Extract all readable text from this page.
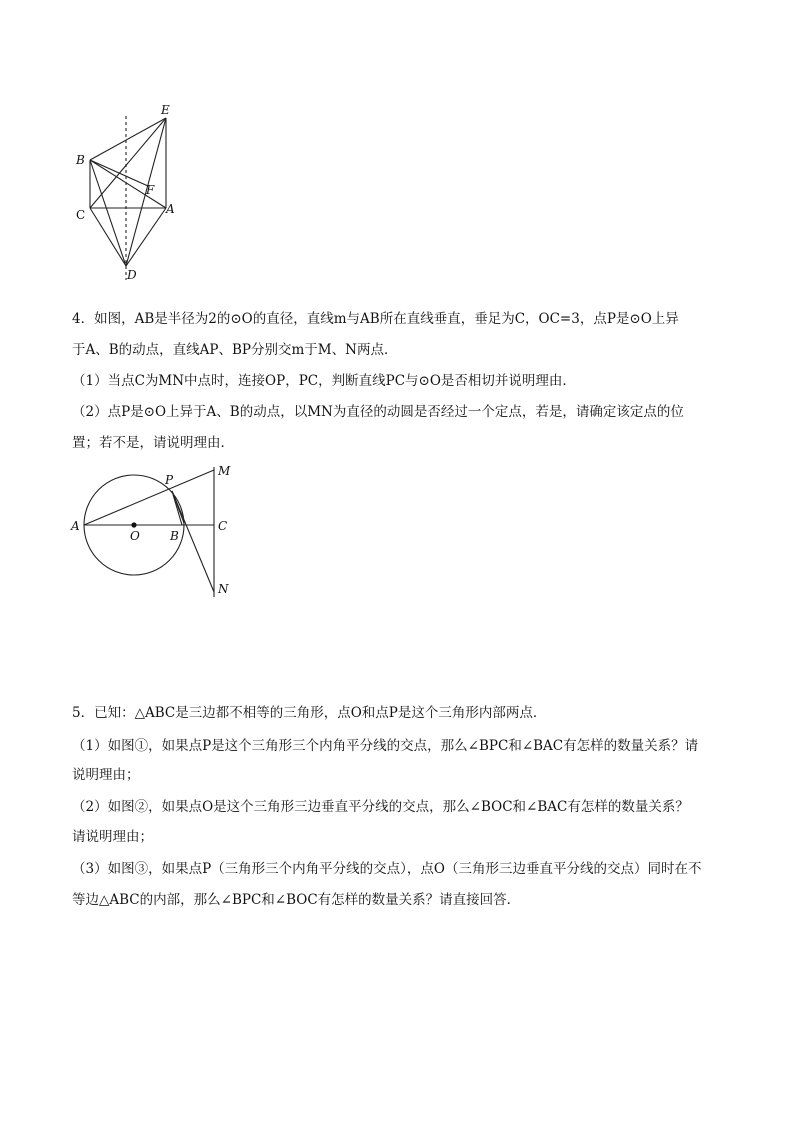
E
B
F
C	A
D
4．如图，AB是半径为2的⊙O的直径，直线m与AB所在直线垂直，垂足为C，OC=3，点P是⊙O上异
于A、B的动点，直线AP、BP分别交m于M、N两点．
（1）当点C为MN中点时，连接OP，PC，判断直线PC与⊙O是否相切并说明理由．
（2）点P是⊙O上异于A、B的动点，以MN为直径的动圆是否经过一个定点，若是，请确定该定点的位
置；若不是，请说明理由．
P
M
A
O	B
C
N
5．已知：△ABC是三边都不相等的三角形，点O和点P是这个三角形内部两点．
（1）如图①，如果点P是这个三角形三个内角平分线的交点，那么∠BPC和∠BAC有怎样的数量关系？请
说明理由；
（2）如图②，如果点O是这个三角形三边垂直平分线的交点，那么∠BOC和∠BAC有怎样的数量关系？
请说明理由；
（3）如图③，如果点P（三角形三个内角平分线的交点），点O（三角形三边垂直平分线的交点）同时在不
等边△ABC的内部，那么∠BPC和∠BOC有怎样的数量关系？请直接回答．
